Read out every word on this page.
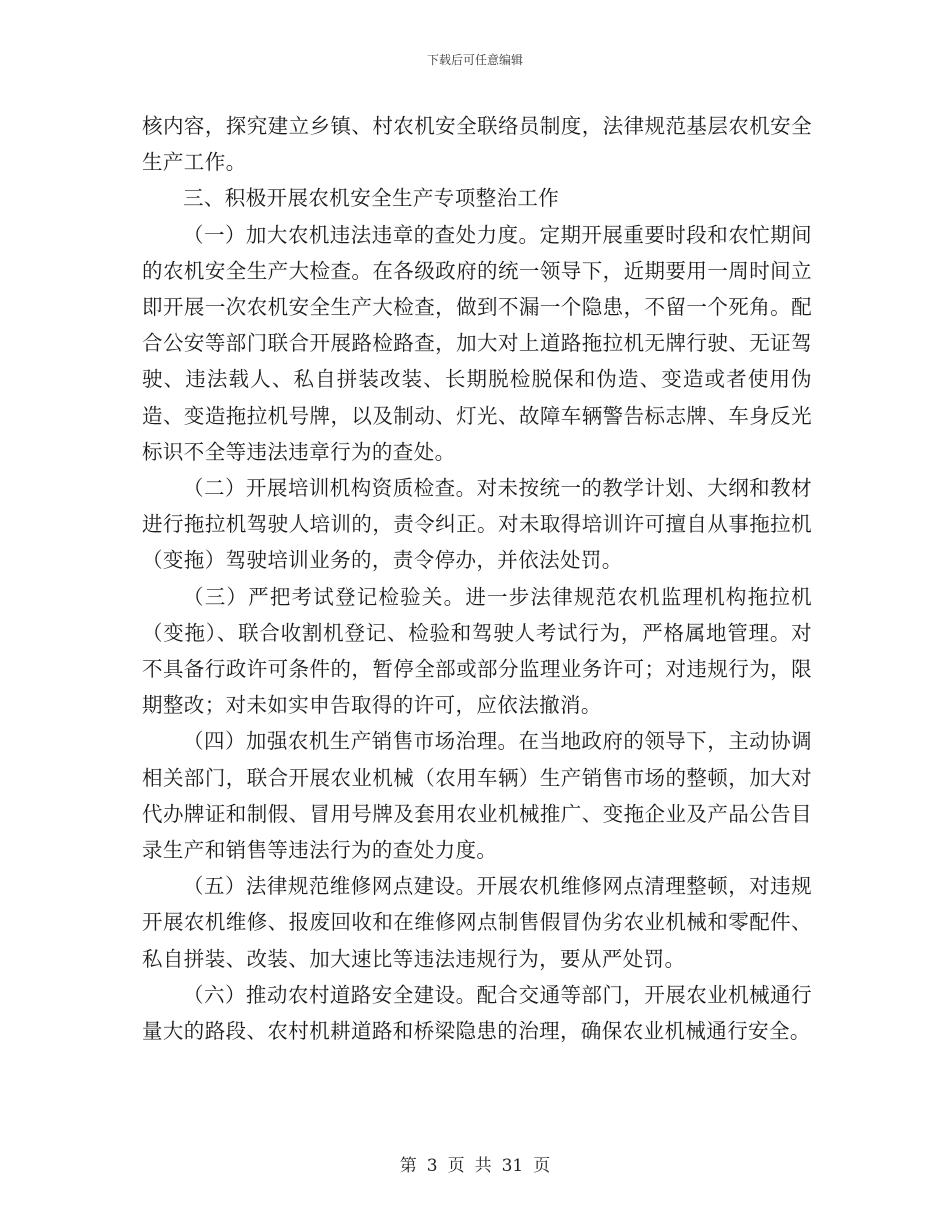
下载后可任意编辑

核内容，探究建立乡镇、村农机安全联络员制度，法律规范基层农机安全生产工作。

三、积极开展农机安全生产专项整治工作

（一）加大农机违法违章的查处力度。定期开展重要时段和农忙期间的农机安全生产大检查。在各级政府的统一领导下，近期要用一周时间立即开展一次农机安全生产大检查，做到不漏一个隐患，不留一个死角。配合公安等部门联合开展路检路查，加大对上道路拖拉机无牌行驶、无证驾驶、违法载人、私自拼装改装、长期脱检脱保和伪造、变造或者使用伪造、变造拖拉机号牌，以及制动、灯光、故障车辆警告标志牌、车身反光标识不全等违法违章行为的查处。

（二）开展培训机构资质检查。对未按统一的教学计划、大纲和教材进行拖拉机驾驶人培训的，责令纠正。对未取得培训许可擅自从事拖拉机（变拖）驾驶培训业务的，责令停办，并依法处罚。

（三）严把考试登记检验关。进一步法律规范农机监理机构拖拉机（变拖）、联合收割机登记、检验和驾驶人考试行为，严格属地管理。对不具备行政许可条件的，暂停全部或部分监理业务许可；对违规行为，限期整改；对未如实申告取得的许可，应依法撤消。

（四）加强农机生产销售市场治理。在当地政府的领导下，主动协调相关部门，联合开展农业机械（农用车辆）生产销售市场的整顿，加大对代办牌证和制假、冒用号牌及套用农业机械推广、变拖企业及产品公告目录生产和销售等违法行为的查处力度。

（五）法律规范维修网点建设。开展农机维修网点清理整顿，对违规开展农机维修、报废回收和在维修网点制售假冒伪劣农业机械和零配件、私自拼装、改装、加大速比等违法违规行为，要从严处罚。

（六）推动农村道路安全建设。配合交通等部门，开展农业机械通行量大的路段、农村机耕道路和桥梁隐患的治理，确保农业机械通行安全。

第 3 页 共 31 页
